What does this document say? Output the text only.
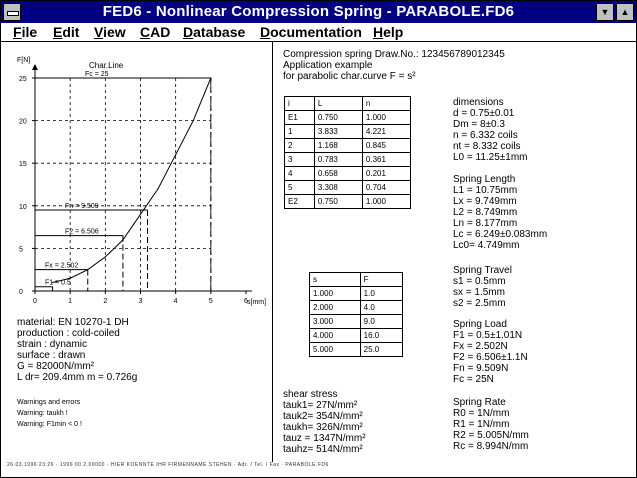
FED6 - Nonlinear Compression Spring - PARABOLE.FD6	▼	▲
File Edit View CAD Database Documentation Help
F[N]
s[mm]
Char.Line
0
5
10
15
20
25
0	1	2	3	4	5	6
F1 = 0.5
Fx = 2.502
F2 = 6.506
Fn = 9.509
Fc = 25
material: EN 10270-1 DH
production : cold-coiled
strain : dynamic
surface : drawn
G = 82000N/mm²
L dr= 209.4mm m = 0.726g
Warnings and errors
Warning: taukh !
Warning: F1min < 0 !
Compression spring Draw.No.: 123456789012345
Application example
for parabolic char.curve F = s²
i	L	n
E1	0.750	1.000
1	3.833	4.221
2	1.168	0.845
3	0.783	0.361
4	0.658	0.201
5	3.308	0.704
E2	0.750	1.000
s	F
1.000	1.0
2.000	4.0
3.000	9.0
4.000	16.0
5.000	25.0
shear stress
tauk1= 27N/mm²
tauk2= 354N/mm²
taukh= 326N/mm²
tauz = 1347N/mm²
tauhz= 514N/mm²
dimensions
d = 0.75±0.01
Dm = 8±0.3
n = 6.332 coils
nt = 8.332 coils
L0 = 11.25±1mm
Spring Length
L1 = 10.75mm
Lx = 9.749mm
L2 = 8.749mm
Ln = 8.177mm
Lc = 6.249±0.083mm
Lc0= 4.749mm
Spring Travel
s1 = 0.5mm
sx = 1.5mm
s2 = 2.5mm
Spring Load
F1 = 0.5±1.01N
Fx = 2.502N
F2 = 6.506±1.1N
Fn = 9.509N
Fc = 25N
Spring Rate
R0 = 1N/mm
R1 = 1N/mm
R2 = 5.005N/mm
Rc = 8.994N/mm
26.03.1996 23:26 · 1996 00.2.00000 · HIER KOENNTE IHR FIRMENNAME STEHEN · Adr. / Tel. / Fax · PARABOLE.FD6
